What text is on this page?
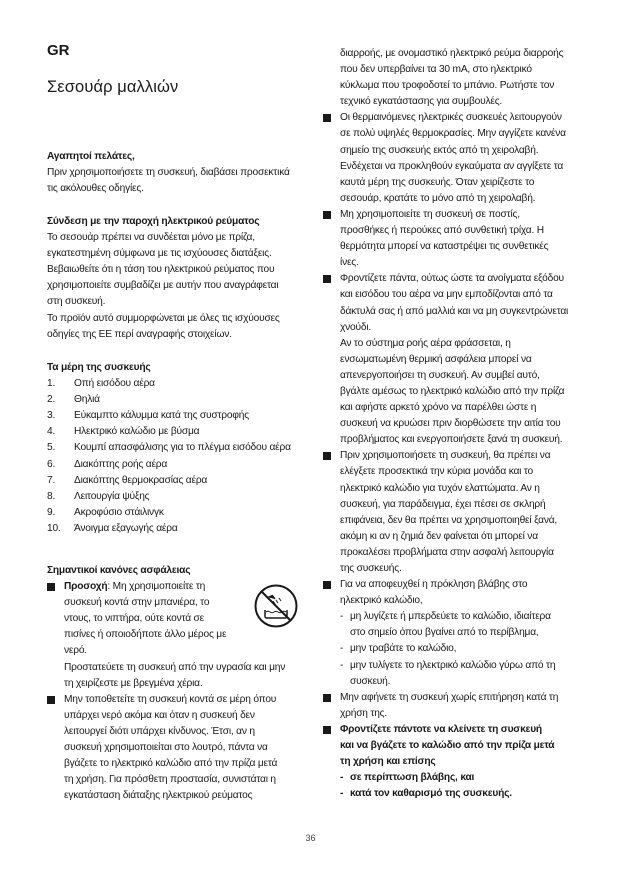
GR
Σεσουάρ μαλλιών

Αγαπητοί πελάτες,

Πριν χρησιμοποιήσετε τη συσκευή, διαβάσει προσεκτικά

τις ακόλουθες οδηγίες.

Σύνδεση με την παροχή ηλεκτρικού ρεύματος

Το σεσουάρ πρέπει να συνδέεται μόνο με πρίζα,

εγκατεστημένη σύμφωνα με τις ισχύουσες διατάξεις.

Βεβαιωθείτε ότι η τάση του ηλεκτρικού ρεύματος που

χρησιμοποιείτε συμβαδίζει με αυτήν που αναγράφεται

στη συσκευή.

Το προϊόν αυτό συμμορφώνεται με όλες τις ισχύουσες

οδηγίες της ΕΕ περί αναγραφής στοιχείων.

Τα μέρη της συσκευής

1.	Οπή εισόδου αέρα
2.	Θηλιά
3.	Εύκαμπτο κάλυμμα κατά της συστροφής
4.	Ηλεκτρικό καλώδιο με βύσμα
5.	Κουμπί απασφάλισης για το πλέγμα εισόδου αέρα
6.	Διακόπτης ροής αέρα
7.	Διακόπτης θερμοκρασίας αέρα
8.	Λειτουργία ψύξης
9.	Ακροφύσιο στάιλινγκ
10.	Άνοιγμα εξαγωγής αέρα

Σημαντικοί κανόνες ασφάλειας

Προσοχή: Μη χρησιμοποιείτε τη

συσκευή κοντά στην μπανιέρα, το

ντους, το νιπτήρα, ούτε κοντά σε

πισίνες ή οποιοδήποτε άλλο μέρος με

νερό.

Προστατεύετε τη συσκευή από την υγρασία και μην

τη χειρίζεστε με βρεγμένα χέρια.

Μην τοποθετείτε τη συσκευή κοντά σε μέρη όπου

υπάρχει νερό ακόμα και όταν η συσκευή δεν

λειτουργεί διότι υπάρχει κίνδυνος. Έτσι, αν η

συσκευή χρησιμοποιείται στο λουτρό, πάντα να

βγάζετε το ηλεκτρικό καλώδιο από την πρίζα μετά

τη χρήση. Για πρόσθετη προστασία, συνιστάται η

εγκατάσταση διάταξης ηλεκτρικού ρεύματος

διαρροής, με ονομαστικό ηλεκτρικό ρεύμα διαρροής

που δεν υπερβαίνει τα 30 mA, στο ηλεκτρικό

κύκλωμα που τροφοδοτεί το μπάνιο. Ρωτήστε τον

τεχνικό εγκατάστασης για συμβουλές.

Οι θερμαινόμενες ηλεκτρικές συσκευές λειτουργούν

σε πολύ υψηλές θερμοκρασίες. Μην αγγίζετε κανένα

σημείο της συσκευής εκτός από τη χειρολαβή.

Ενδέχεται να προκληθούν εγκαύματα αν αγγίξετε τα

καυτά μέρη της συσκευής. Όταν χειρίζεστε το

σεσουάρ, κρατάτε το μόνο από τη χειρολαβή.

Μη χρησιμοποιείτε τη συσκευή σε ποστίς,

προσθήκες ή περούκες από συνθετική τρίχα. Η

θερμότητα μπορεί να καταστρέψει τις συνθετικές

ίνες.

Φροντίζετε πάντα, ούτως ώστε τα ανοίγματα εξόδου

και εισόδου του αέρα να μην εμποδίζονται από τα

δάκτυλά σας ή από μαλλιά και να μη συγκεντρώνεται

χνούδι.

Αν το σύστημα ροής αέρα φράσσεται, η

ενσωματωμένη θερμική ασφάλεια μπορεί να

απενεργοποιήσει τη συσκευή. Αν συμβεί αυτό,

βγάλτε αμέσως το ηλεκτρικό καλώδιο από την πρίζα

και αφήστε αρκετό χρόνο να παρέλθει ώστε η

συσκευή να κρυώσει πριν διορθώσετε την αιτία του

προβλήματος και ενεργοποιήσετε ξανά τη συσκευή.

Πριν χρησιμοποιήσετε τη συσκευή, θα πρέπει να

ελέγξετε προσεκτικά την κύρια μονάδα και το

ηλεκτρικό καλώδιο για τυχόν ελαττώματα. Αν η

συσκευή, για παράδειγμα, έχει πέσει σε σκληρή

επιφάνεια, δεν θα πρέπει να χρησιμοποιηθεί ξανά,

ακόμη κι αν η ζημιά δεν φαίνεται ότι μπορεί να

προκαλέσει προβλήματα στην ασφαλή λειτουργία

της συσκευής.

Για να αποφευχθεί η πρόκληση βλάβης στο

ηλεκτρικό καλώδιο,

- μη λυγίζετε ή μπερδεύετε το καλώδιο, ιδιαίτερα

στο σημείο όπου βγαίνει από το περίβλημα,

- μην τραβάτε το καλώδιο,

- μην τυλίγετε το ηλεκτρικό καλώδιο γύρω από τη

συσκευή.

Μην αφήνετε τη συσκευή χωρίς επιτήρηση κατά τη

χρήση της.

Φροντίζετε πάντοτε να κλείνετε τη συσκευή

και να βγάζετε το καλώδιο από την πρίζα μετά

τη χρήση και επίσης

- σε περίπτωση βλάβης, και
- κατά τον καθαρισμό της συσκευής.
36
